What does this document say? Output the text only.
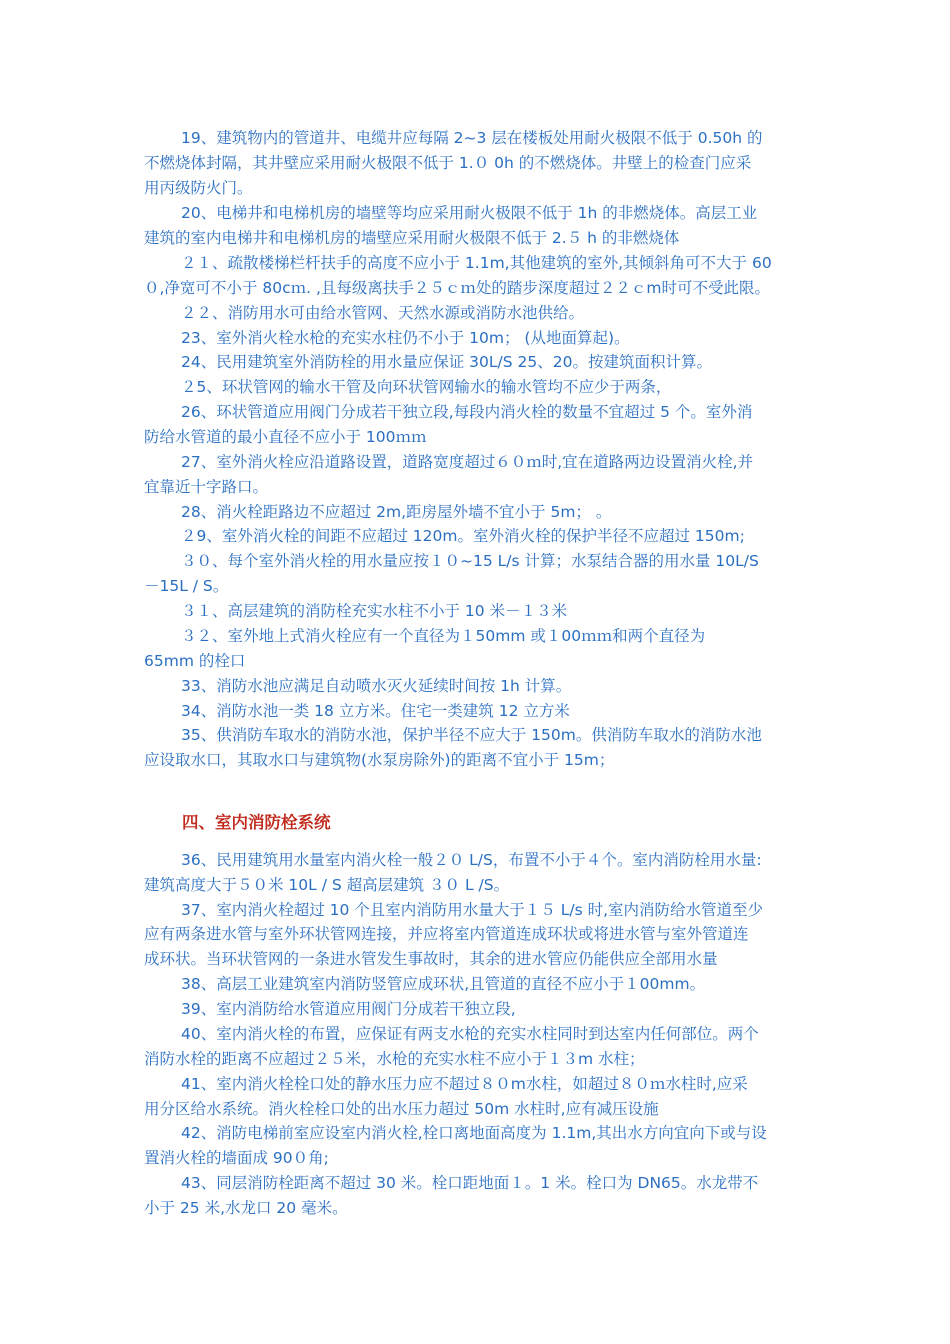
19、建筑物内的管道井、电缆井应每隔 2~3 层在楼板处用耐火极限不低于 0.50h 的
不燃烧体封隔，其井壁应采用耐火极限不低于 1.０ 0h 的不燃烧体。井壁上的检查门应采
用丙级防火门。
20、电梯井和电梯机房的墙壁等均应采用耐火极限不低于 1h 的非燃烧体。高层工业
建筑的室内电梯井和电梯机房的墙壁应采用耐火极限不低于 2.５ h 的非燃烧体
２１、疏散楼梯栏杆扶手的高度不应小于 1.1m,其他建筑的室外,其倾斜角可不大于 60
０,净宽可不小于 80cｍ. ,且每级离扶手２５ｃｍ处的踏步深度超过２２ｃm时可不受此限。
２２、消防用水可由给水管网、天然水源或消防水池供给。
23、室外消火栓水枪的充实水柱仍不小于 10m； (从地面算起)。
24、民用建筑室外消防栓的用水量应保证 30L/S 25、20。按建筑面积计算。
２5、环状管网的输水干管及向环状管网输水的输水管均不应少于两条，
26、环状管道应用阀门分成若干独立段,每段内消火栓的数量不宜超过 5 个。室外消
防给水管道的最小直径不应小于 100ｍｍ
27、室外消火栓应沿道路设置，道路宽度超过６０ｍ时,宜在道路两边设置消火栓,并
宜靠近十字路口。
28、消火栓距路边不应超过 2m,距房屋外墙不宜小于 5m； 。
２9、室外消火栓的间距不应超过 120m。室外消火栓的保护半径不应超过 150m;
３０、每个室外消火栓的用水量应按１０~15 L/s 计算；水泵结合器的用水量 10L/S
－15L / S。
３１、高层建筑的消防栓充实水柱不小于 10 米－１３米
３２、室外地上式消火栓应有一个直径为１50mm 或１00ｍｍ和两个直径为
65mm 的栓口
33、消防水池应满足自动喷水灭火延续时间按 1h 计算。
34、消防水池一类 18 立方米。住宅一类建筑 12 立方米
35、供消防车取水的消防水池，保护半径不应大于 150m。供消防车取水的消防水池
应设取水口，其取水口与建筑物(水泵房除外)的距离不宜小于 15m；
四、室内消防栓系统
36、民用建筑用水量室内消火栓一般２０ L/S，布置不小于４个。室内消防栓用水量:
建筑高度大于５０米 10L / S 超高层建筑 ３０ L /S。
37、室内消火栓超过 10 个且室内消防用水量大于１５ L/s 时,室内消防给水管道至少
应有两条进水管与室外环状管网连接，并应将室内管道连成环状或将进水管与室外管道连
成环状。当环状管网的一条进水管发生事故时，其余的进水管应仍能供应全部用水量
38、高层工业建筑室内消防竖管应成环状,且管道的直径不应小于１00mm。
39、室内消防给水管道应用阀门分成若干独立段,
40、室内消火栓的布置，应保证有两支水枪的充实水柱同时到达室内任何部位。两个
消防水栓的距离不应超过２５米，水枪的充实水柱不应小于１３m 水柱；
41、室内消火栓栓口处的静水压力应不超过８０m水柱，如超过８０ｍ水柱时,应采
用分区给水系统。消火栓栓口处的出水压力超过 50m 水柱时,应有减压设施
42、消防电梯前室应设室内消火栓,栓口离地面高度为 1.1m,其出水方向宜向下或与设
置消火栓的墙面成 90０角;
43、同层消防栓距离不超过 30 米。栓口距地面１。1 米。栓口为 DN65。水龙带不
小于 25 米,水龙口 20 毫米。
